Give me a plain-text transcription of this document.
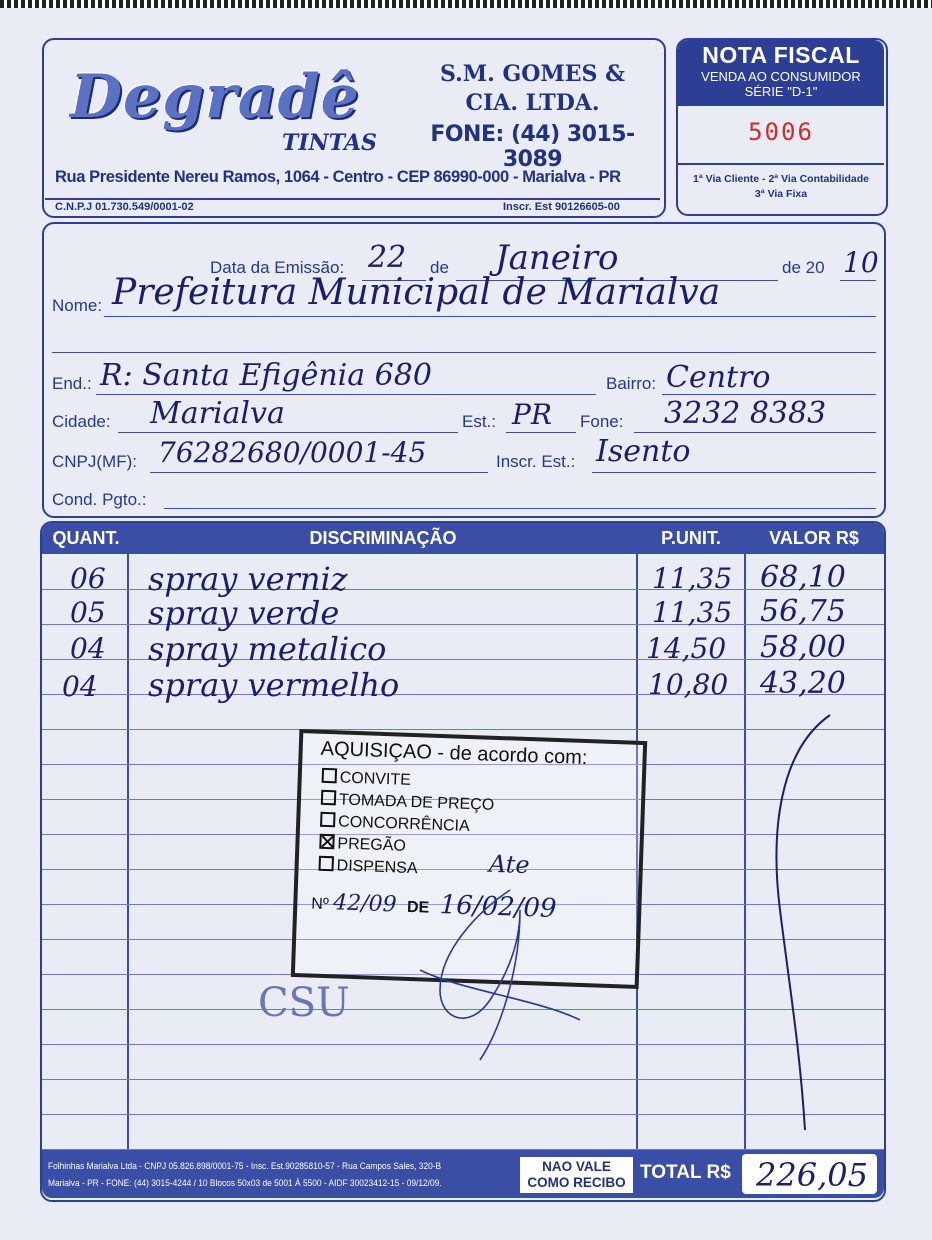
Degradê
TINTAS
S.M. GOMES &
CIA. LTDA.
FONE: (44) 3015-3089
Rua Presidente Nereu Ramos, 1064 - Centro - CEP 86990-000 - Marialva - PR
C.N.P.J 01.730.549/0001-02	Inscr. Est 90126605-00
NOTA FISCAL
VENDA AO CONSUMIDOR
SÉRIE "D-1"
5006
1ª Via Cliente - 2ª Via Contabilidade
3ª Via Fixa
Data da Emissão: 22 de Janeiro	de 20 10
Nome: Prefeitura Municipal de Marialva
End.: R: Santa Efigênia 680	Bairro: Centro
Cidade: Marialva	Est.: PR Fone: 3232 8383
CNPJ(MF): 76282680/0001-45	Inscr. Est.: Isento
Cond. Pgto.:
QUANT.	DISCRIMINAÇÃO	P.UNIT.	VALOR R$
06 spray verniz	11,35 68,10
05 spray verde	11,35 56,75
04 spray metalico	14,50 58,00
04 spray vermelho	10,80 43,20
AQUISIÇAO - de acordo com:
CONVITE
TOMADA DE PREÇO
CONCORRÊNCIA
PREGÃO
DISPENSA	Ate
Nº 42/09 DE 16/02/09
CSU
Folhinhas Marialva Ltda - CNPJ 05.826.898/0001-75 - Insc. Est.90285810-57 - Rua Campos Sales, 320-B
Marialva - PR - FONE: (44) 3015-4244 / 10 Blocos 50x03 de 5001 À 5500 - AIDF 30023412-15 - 09/12/09.
NAO VALE
COMO RECIBO TOTAL R$ 226,05
